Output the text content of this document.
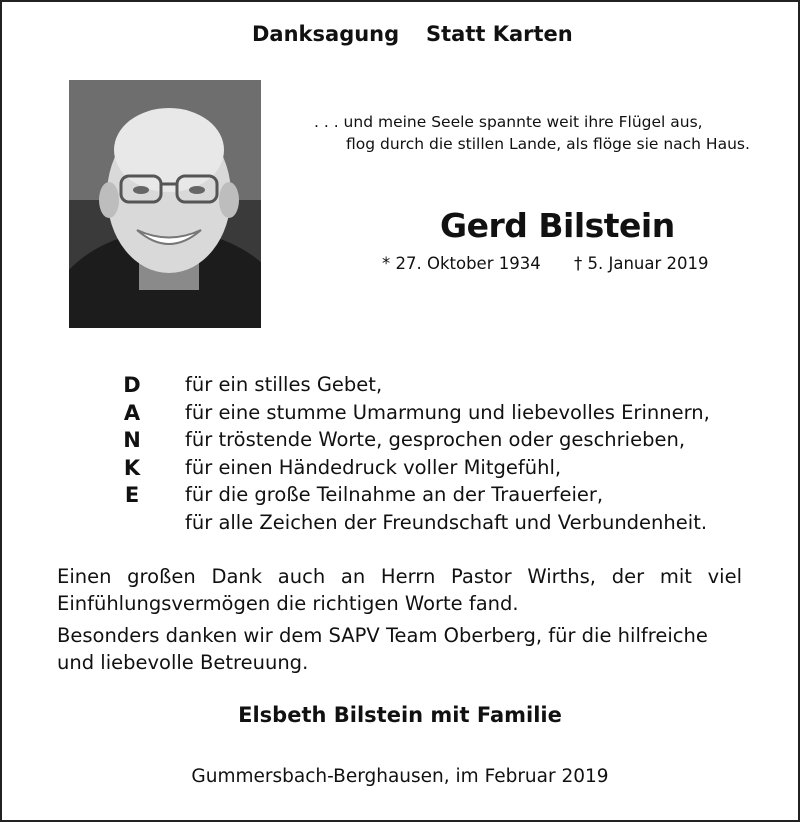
Danksagung Statt Karten
. . . und meine Seele spannte weit ihre Flügel aus,
flog durch die stillen Lande, als flöge sie nach Haus.
Gerd Bilstein
* 27. Oktober 1934 † 5. Januar 2019
D
A
N
K
E
für ein stilles Gebet,
für eine stumme Umarmung und liebevolles Erinnern,
für tröstende Worte, gesprochen oder geschrieben,
für einen Händedruck voller Mitgefühl,
für die große Teilnahme an der Trauerfeier,
für alle Zeichen der Freundschaft und Verbundenheit.
Einen großen Dank auch an Herrn Pastor Wirths, der mit viel Einfühlungsvermögen die richtigen Worte fand.
Besonders danken wir dem SAPV Team Oberberg, für die hilfreiche und liebevolle Betreuung.
Elsbeth Bilstein mit Familie
Gummersbach-Berghausen, im Februar 2019
